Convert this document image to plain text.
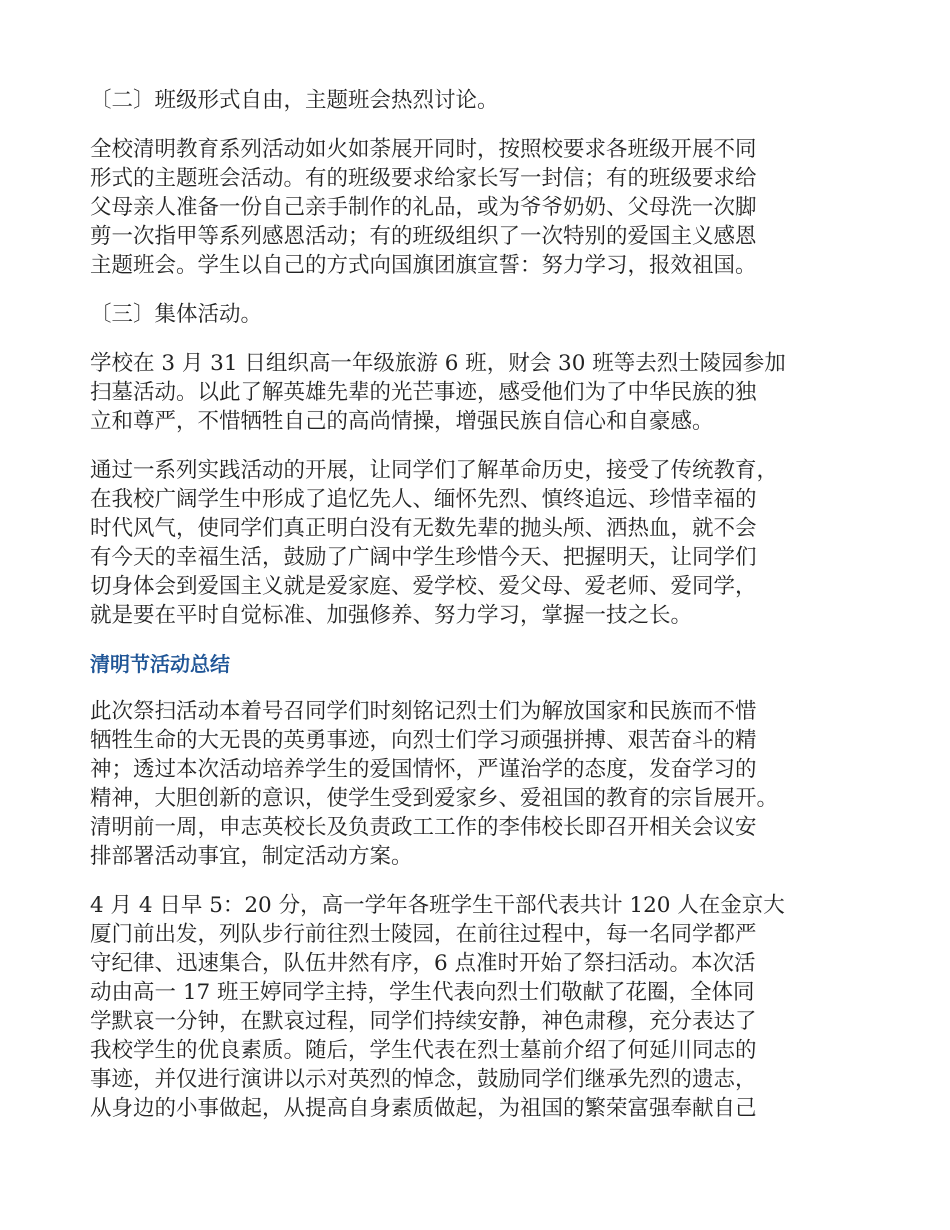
〔二〕班级形式自由，主题班会热烈讨论。

全校清明教育系列活动如火如荼展开同时，按照校要求各班级开展不同
形式的主题班会活动。有的班级要求给家长写一封信；有的班级要求给
父母亲人准备一份自己亲手制作的礼品，或为爷爷奶奶、父母洗一次脚
剪一次指甲等系列感恩活动；有的班级组织了一次特别的爱国主义感恩
主题班会。学生以自己的方式向国旗团旗宣誓：努力学习，报效祖国。

〔三〕集体活动。

学校在 3 月 31 日组织高一年级旅游 6 班，财会 30 班等去烈士陵园参加
扫墓活动。以此了解英雄先辈的光芒事迹，感受他们为了中华民族的独
立和尊严，不惜牺牲自己的高尚情操，增强民族自信心和自豪感。

通过一系列实践活动的开展，让同学们了解革命历史，接受了传统教育，
在我校广阔学生中形成了追忆先人、缅怀先烈、慎终追远、珍惜幸福的
时代风气，使同学们真正明白没有无数先辈的抛头颅、洒热血，就不会
有今天的幸福生活，鼓励了广阔中学生珍惜今天、把握明天，让同学们
切身体会到爱国主义就是爱家庭、爱学校、爱父母、爱老师、爱同学，
就是要在平时自觉标准、加强修养、努力学习，掌握一技之长。

清明节活动总结

此次祭扫活动本着号召同学们时刻铭记烈士们为解放国家和民族而不惜
牺牲生命的大无畏的英勇事迹，向烈士们学习顽强拼搏、艰苦奋斗的精
神；透过本次活动培养学生的爱国情怀，严谨治学的态度，发奋学习的
精神，大胆创新的意识，使学生受到爱家乡、爱祖国的教育的宗旨展开。
清明前一周，申志英校长及负责政工工作的李伟校长即召开相关会议安
排部署活动事宜，制定活动方案。

4 月 4 日早 5：20 分，高一学年各班学生干部代表共计 120 人在金京大
厦门前出发，列队步行前往烈士陵园，在前往过程中，每一名同学都严
守纪律、迅速集合，队伍井然有序，6 点准时开始了祭扫活动。本次活
动由高一 17 班王婷同学主持，学生代表向烈士们敬献了花圈，全体同
学默哀一分钟，在默哀过程，同学们持续安静，神色肃穆，充分表达了
我校学生的优良素质。随后，学生代表在烈士墓前介绍了何延川同志的
事迹，并仅进行演讲以示对英烈的悼念，鼓励同学们继承先烈的遗志，
从身边的小事做起，从提高自身素质做起，为祖国的繁荣富强奉献自己
